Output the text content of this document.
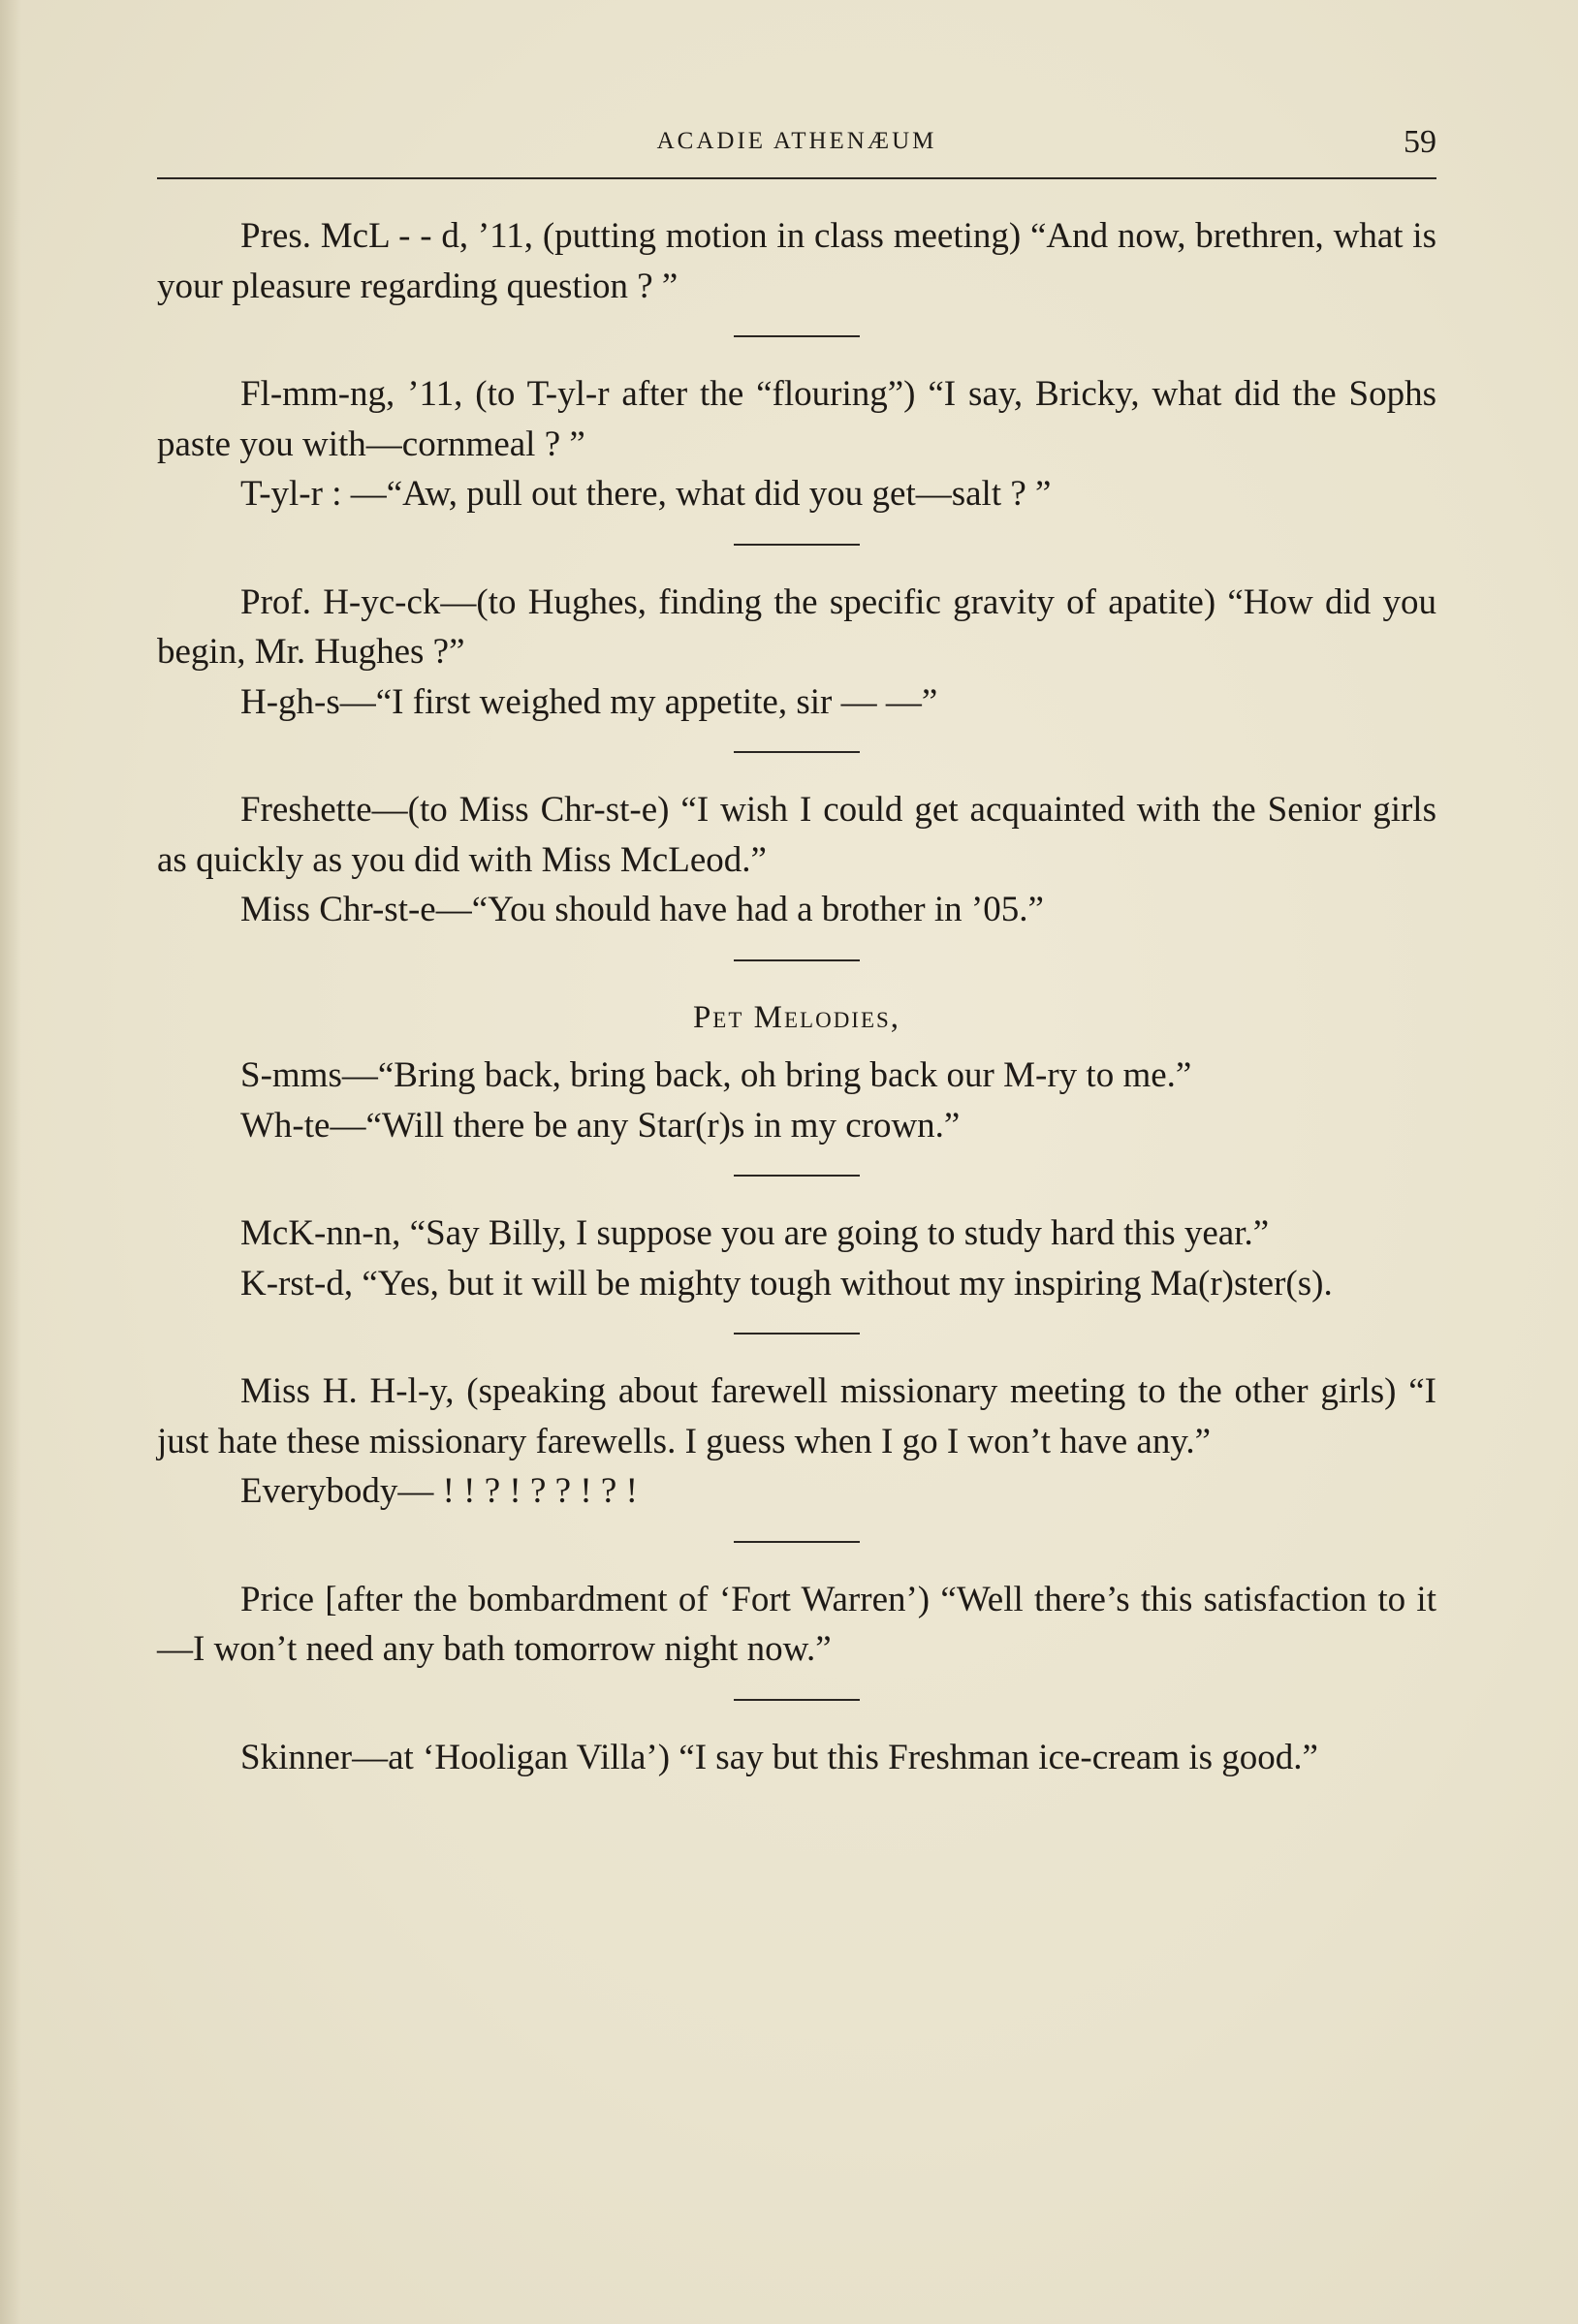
ACADIE ATHENÆUM	59

Pres. McL - - d, ’11, (putting motion in class meeting) “And now, brethren, what is your pleasure regarding question ? ”

Fl-mm-ng, ’11, (to T-yl-r after the “flouring”) “I say, Bricky, what did the Sophs paste you with—cornmeal ? ”

T-yl-r : —“Aw, pull out there, what did you get—salt ? ”

Prof. H-yc-ck—(to Hughes, finding the specific gravity of apatite) “How did you begin, Mr. Hughes ?”

H-gh-s—“I first weighed my appetite, sir — —”

Freshette—(to Miss Chr-st-e) “I wish I could get acquainted with the Senior girls as quickly as you did with Miss McLeod.”

Miss Chr-st-e—“You should have had a brother in ’05.”

Pet Melodies,

S-mms—“Bring back, bring back, oh bring back our M-ry to me.”

Wh-te—“Will there be any Star(r)s in my crown.”

McK-nn-n, “Say Billy, I suppose you are going to study hard this year.”

K-rst-d, “Yes, but it will be mighty tough without my inspiring Ma(r)ster(s).

Miss H. H-l-y, (speaking about farewell missionary meeting to the other girls) “I just hate these missionary farewells. I guess when I go I won’t have any.”

Everybody— ! ! ? ! ? ? ! ? !

Price [after the bombardment of ‘Fort Warren’) “Well there’s this satisfaction to it—I won’t need any bath tomorrow night now.”

Skinner—at ‘Hooligan Villa’) “I say but this Freshman ice-cream is good.”
